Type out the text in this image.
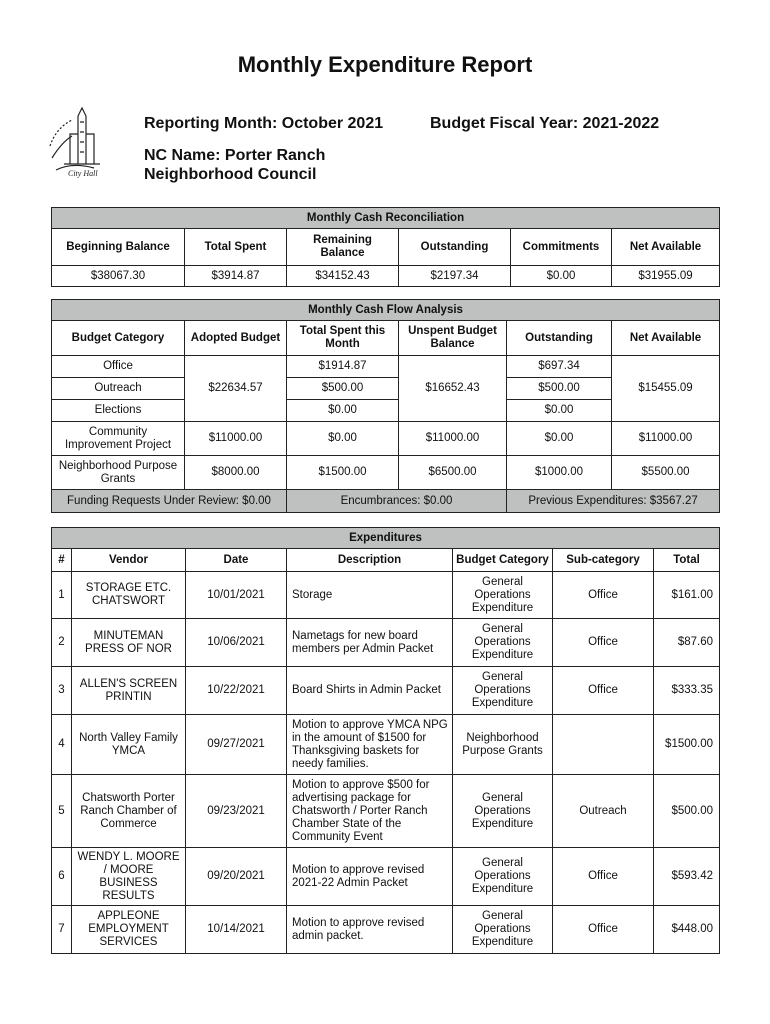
Monthly Expenditure Report
City Hall
Reporting Month: October 2021	Budget Fiscal Year: 2021-2022
NC Name: Porter Ranch
Neighborhood Council
Monthly Cash Reconciliation					
Beginning Balance	Total Spent	Remaining Balance	Outstanding	Commitments	Net Available
$38067.30	$3914.87	$34152.43	$2197.34	$0.00	$31955.09
Monthly Cash Flow Analysis					
Budget Category	Adopted Budget	Total Spent this Month	Unspent Budget Balance	Outstanding	Net Available
Office	$22634.57	$1914.87	$16652.43	$697.34	$15455.09
Outreach		$500.00		$500.00	
Elections		$0.00		$0.00	
Community Improvement Project	$11000.00	$0.00	$11000.00	$0.00	$11000.00
Neighborhood Purpose Grants	$8000.00	$1500.00	$6500.00	$1000.00	$5500.00
Funding Requests Under Review: $0.00		Encumbrances: $0.00		Previous Expenditures: $3567.27	
Expenditures						
#	Vendor	Date	Description	Budget Category	Sub-category	Total
1	STORAGE ETC. CHATSWORT	10/01/2021	Storage	General Operations Expenditure	Office	$161.00
2	MINUTEMAN PRESS OF NOR	10/06/2021	Nametags for new board members per Admin Packet	General Operations Expenditure	Office	$87.60
3	ALLEN'S SCREEN PRINTIN	10/22/2021	Board Shirts in Admin Packet	General Operations Expenditure	Office	$333.35
4	North Valley Family YMCA	09/27/2021	Motion to approve YMCA NPG in the amount of $1500 for Thanksgiving baskets for needy families.	Neighborhood Purpose Grants		$1500.00
5	Chatsworth Porter Ranch Chamber of Commerce	09/23/2021	Motion to approve $500 for advertising package for Chatsworth / Porter Ranch Chamber State of the Community Event	General Operations Expenditure	Outreach	$500.00
6	WENDY L. MOORE / MOORE BUSINESS RESULTS	09/20/2021	Motion to approve revised 2021-22 Admin Packet	General Operations Expenditure	Office	$593.42
7	APPLEONE EMPLOYMENT SERVICES	10/14/2021	Motion to approve revised admin packet.	General Operations Expenditure	Office	$448.00
